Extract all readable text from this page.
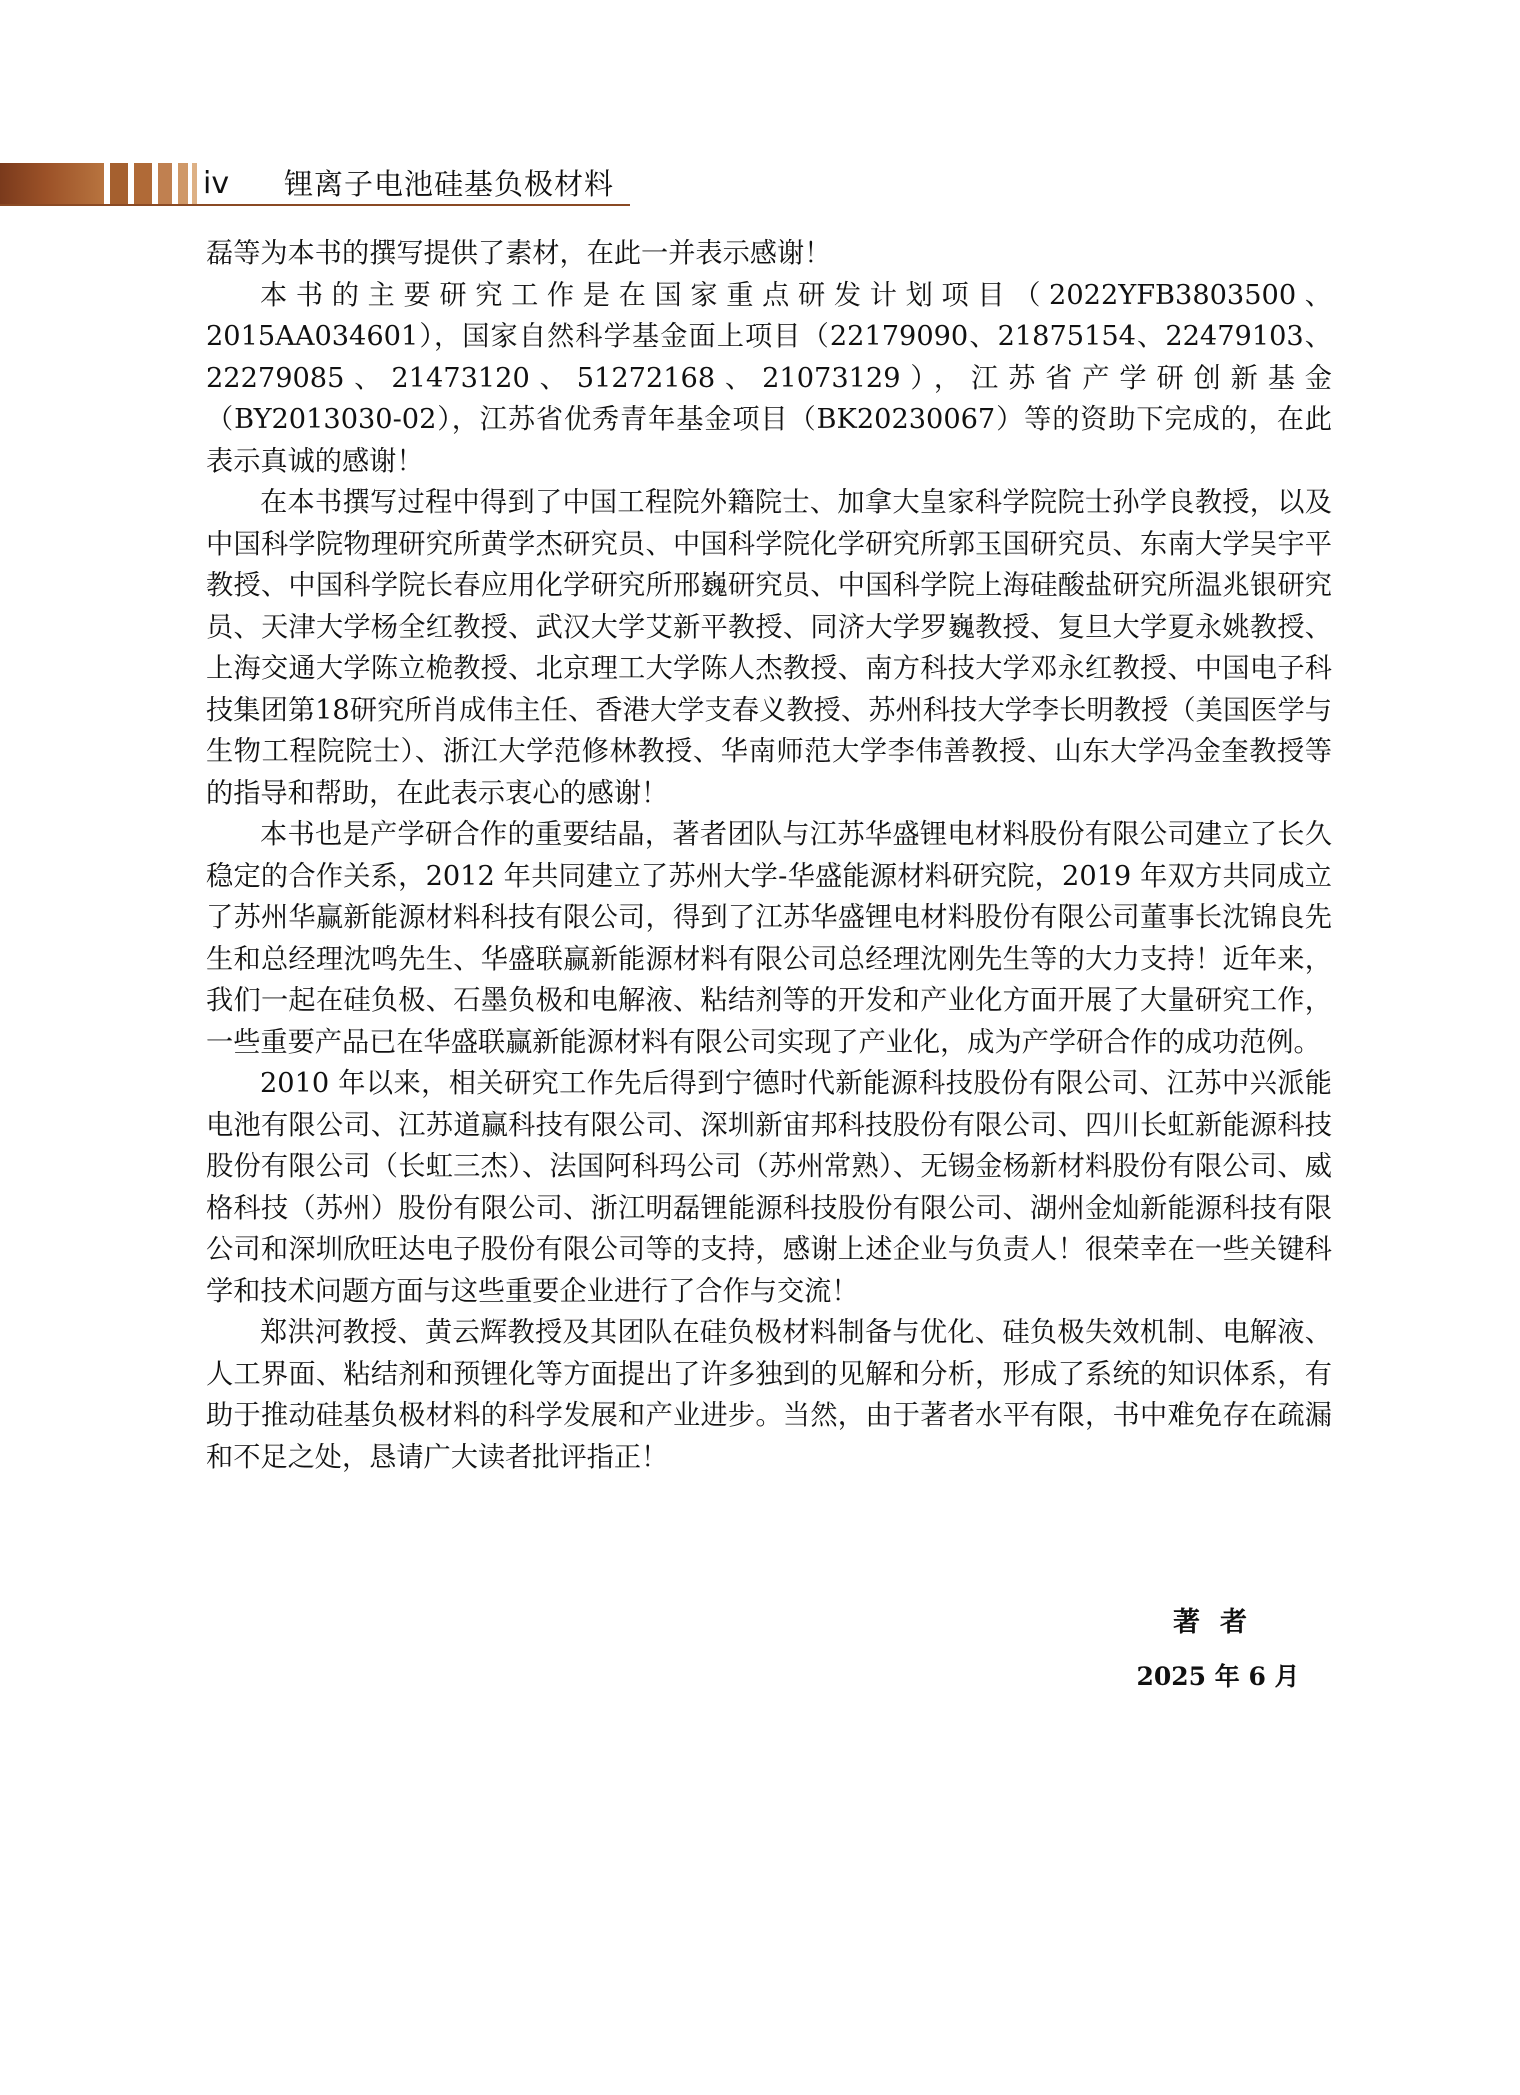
iv 锂离子电池硅基负极材料

磊等为本书的撰写提供了素材，在此一并表示感谢！

本书的主要研究工作是在国家重点研发计划项目（2022YFB3803500、2015AA034601），国家自然科学基金面上项目（22179090、21875154、22479103、22279085、21473120、51272168、21073129），江苏省产学研创新基金（BY2013030-02），江苏省优秀青年基金项目（BK20230067）等的资助下完成的，在此表示真诚的感谢！

在本书撰写过程中得到了中国工程院外籍院士、加拿大皇家科学院院士孙学良教授，以及中国科学院物理研究所黄学杰研究员、中国科学院化学研究所郭玉国研究员、东南大学吴宇平教授、中国科学院长春应用化学研究所邢巍研究员、中国科学院上海硅酸盐研究所温兆银研究员、天津大学杨全红教授、武汉大学艾新平教授、同济大学罗巍教授、复旦大学夏永姚教授、上海交通大学陈立桅教授、北京理工大学陈人杰教授、南方科技大学邓永红教授、中国电子科技集团第18研究所肖成伟主任、香港大学支春义教授、苏州科技大学李长明教授（美国医学与生物工程院院士）、浙江大学范修林教授、华南师范大学李伟善教授、山东大学冯金奎教授等的指导和帮助，在此表示衷心的感谢！

本书也是产学研合作的重要结晶，著者团队与江苏华盛锂电材料股份有限公司建立了长久稳定的合作关系，2012 年共同建立了苏州大学-华盛能源材料研究院，2019 年双方共同成立了苏州华赢新能源材料科技有限公司，得到了江苏华盛锂电材料股份有限公司董事长沈锦良先生和总经理沈鸣先生、华盛联赢新能源材料有限公司总经理沈刚先生等的大力支持！近年来，我们一起在硅负极、石墨负极和电解液、粘结剂等的开发和产业化方面开展了大量研究工作，一些重要产品已在华盛联赢新能源材料有限公司实现了产业化，成为产学研合作的成功范例。

2010 年以来，相关研究工作先后得到宁德时代新能源科技股份有限公司、江苏中兴派能电池有限公司、江苏道赢科技有限公司、深圳新宙邦科技股份有限公司、四川长虹新能源科技股份有限公司（长虹三杰）、法国阿科玛公司（苏州常熟）、无锡金杨新材料股份有限公司、威格科技（苏州）股份有限公司、浙江明磊锂能源科技股份有限公司、湖州金灿新能源科技有限公司和深圳欣旺达电子股份有限公司等的支持，感谢上述企业与负责人！很荣幸在一些关键科学和技术问题方面与这些重要企业进行了合作与交流！

郑洪河教授、黄云辉教授及其团队在硅负极材料制备与优化、硅负极失效机制、电解液、人工界面、粘结剂和预锂化等方面提出了许多独到的见解和分析，形成了系统的知识体系，有助于推动硅基负极材料的科学发展和产业进步。当然，由于著者水平有限，书中难免存在疏漏和不足之处，恳请广大读者批评指正！

著者
2025 年 6 月
